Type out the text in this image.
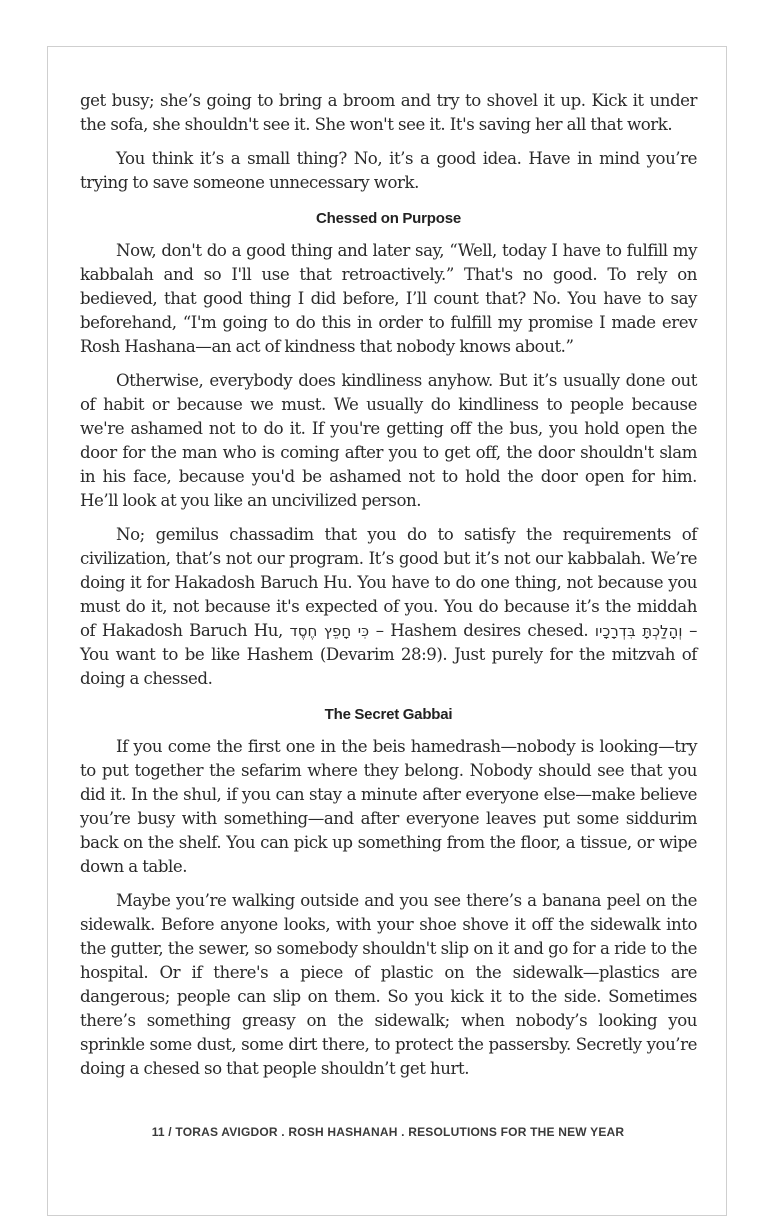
get busy; she’s going to bring a broom and try to shovel it up. Kick it under the sofa, she shouldn't see it. She won't see it. It's saving her all that work.

You think it’s a small thing? No, it’s a good idea. Have in mind you’re trying to save someone unnecessary work.

Chessed on Purpose

Now, don't do a good thing and later say, “Well, today I have to fulfill my kabbalah and so I'll use that retroactively.” That's no good. To rely on bedieved, that good thing I did before, I’ll count that? No. You have to say beforehand, “I'm going to do this in order to fulfill my promise I made erev Rosh Hashana—an act of kindness that nobody knows about.”

Otherwise, everybody does kindliness anyhow. But it’s usually done out of habit or because we must. We usually do kindliness to people because we're ashamed not to do it. If you're getting off the bus, you hold open the door for the man who is coming after you to get off, the door shouldn't slam in his face, because you'd be ashamed not to hold the door open for him. He’ll look at you like an uncivilized person.

No; gemilus chassadim that you do to satisfy the requirements of civilization, that’s not our program. It’s good but it’s not our kabbalah. We’re doing it for Hakadosh Baruch Hu. You have to do one thing, not because you must do it, not because it's expected of you. You do because it’s the middah of Hakadosh Baruch Hu, כִּי חָפֵץ חֶסֶד – Hashem desires chesed. וְהָלַכְתָּ בִּדְרָכָיו – You want to be like Hashem (Devarim 28:9). Just purely for the mitzvah of doing a chessed.

The Secret Gabbai

If you come the first one in the beis hamedrash—nobody is looking—try to put together the sefarim where they belong. Nobody should see that you did it. In the shul, if you can stay a minute after everyone else—make believe you’re busy with something—and after everyone leaves put some siddurim back on the shelf. You can pick up something from the floor, a tissue, or wipe down a table.

Maybe you’re walking outside and you see there’s a banana peel on the sidewalk. Before anyone looks, with your shoe shove it off the sidewalk into the gutter, the sewer, so somebody shouldn't slip on it and go for a ride to the hospital. Or if there's a piece of plastic on the sidewalk—plastics are dangerous; people can slip on them. So you kick it to the side. Sometimes there’s something greasy on the sidewalk; when nobody’s looking you sprinkle some dust, some dirt there, to protect the passersby. Secretly you’re doing a chesed so that people shouldn’t get hurt.

11 / TORAS AVIGDOR . ROSH HASHANAH . RESOLUTIONS FOR THE NEW YEAR
